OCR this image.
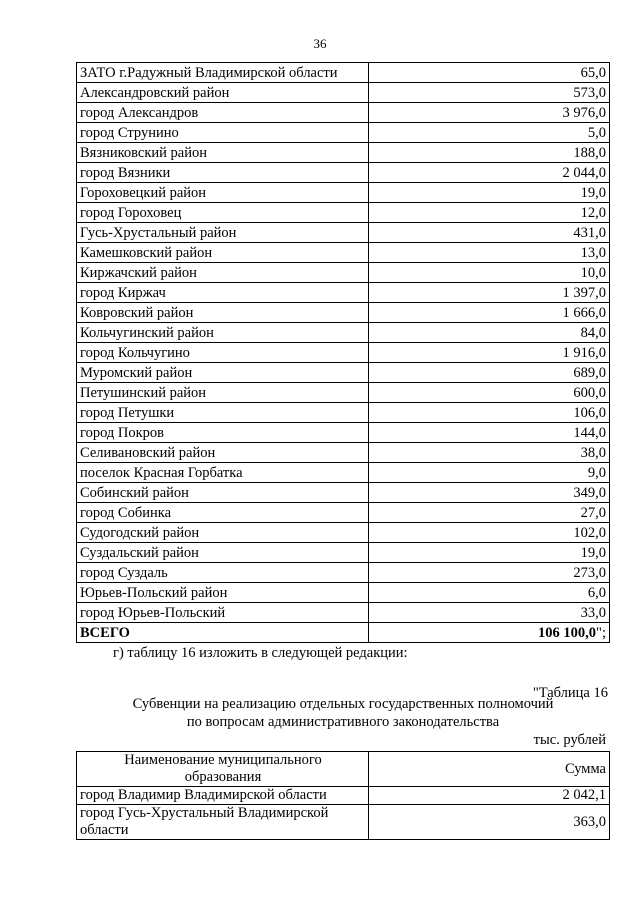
36
ЗАТО г.Радужный Владимирской области	65,0
Александровский район	573,0
город Александров	3 976,0
город Струнино	5,0
Вязниковский район	188,0
город Вязники	2 044,0
Гороховецкий район	19,0
город Гороховец	12,0
Гусь-Хрустальный район	431,0
Камешковский район	13,0
Киржачский район	10,0
город Киржач	1 397,0
Ковровский район	1 666,0
Кольчугинский район	84,0
город Кольчугино	1 916,0
Муромский район	689,0
Петушинский район	600,0
город Петушки	106,0
город Покров	144,0
Селивановский район	38,0
поселок Красная Горбатка	9,0
Собинский район	349,0
город Собинка	27,0
Судогодский район	102,0
Суздальский район	19,0
город Суздаль	273,0
Юрьев-Польский район	6,0
город Юрьев-Польский	33,0
ВСЕГО	106 100,0";
г) таблицу 16 изложить в следующей редакции:
"Таблица 16
Субвенции на реализацию отдельных государственных полномочий
по вопросам административного законодательства
тыс. рублей
Наименование муниципального
образования	Сумма
город Владимир Владимирской области	2 042,1

город Гусь-Хрустальный Владимирской
области	363,0
